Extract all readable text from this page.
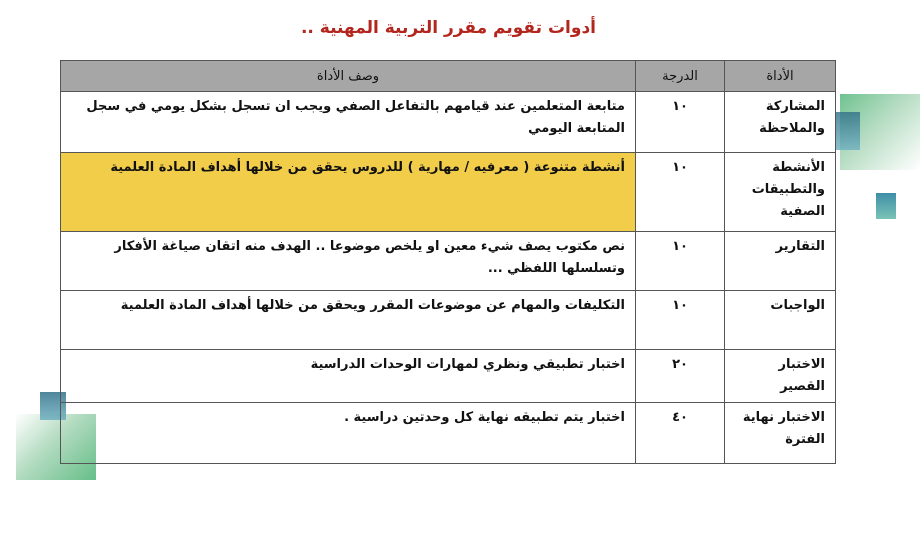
أدوات تقويم مقرر التربية المهنية ..
الأداة	الدرجة	وصف الأداة
المشاركة والملاحظة	١٠	متابعة المتعلمين عند قيامهم بالتفاعل الصفي ويجب ان تسجل بشكل يومي في سجل المتابعة اليومي
الأنشطة والتطبيقات الصفية	١٠	أنشطة متنوعة ( معرفيه / مهارية ) للدروس يحقق من خلالها أهداف المادة العلمية
التقارير	١٠	نص مكتوب يصف شيء معين او يلخص موضوعا .. الهدف منه اتقان صياغة الأفكار وتسلسلها اللفظي ...
الواجبات	١٠	التكليفات والمهام عن موضوعات المقرر ويحقق من خلالها أهداف المادة العلمية
الاختبار القصير	٢٠	اختبار تطبيقي ونظري لمهارات الوحدات الدراسية
الاختبار نهاية الفترة	٤٠	اختبار يتم تطبيقه نهاية كل وحدتين دراسية .
